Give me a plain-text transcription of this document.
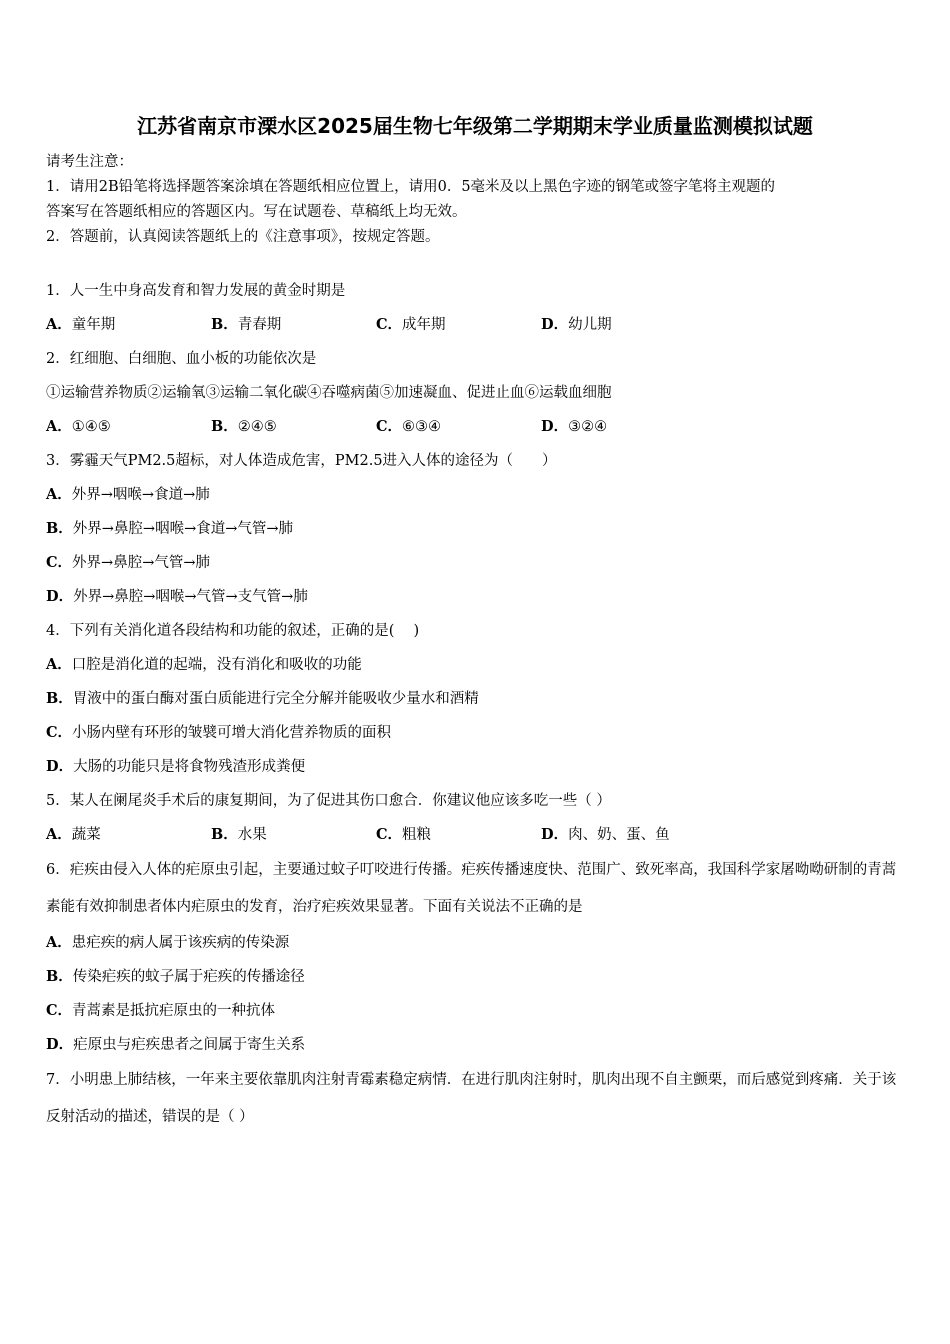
江苏省南京市溧水区2025届生物七年级第二学期期末学业质量监测模拟试题
请考生注意：
1．请用2B铅笔将选择题答案涂填在答题纸相应位置上，请用0．5毫米及以上黑色字迹的钢笔或签字笔将主观题的
答案写在答题纸相应的答题区内。写在试题卷、草稿纸上均无效。
2．答题前，认真阅读答题纸上的《注意事项》，按规定答题。
1．人一生中身高发育和智力发展的黄金时期是
A．童年期	B．青春期	C．成年期	D．幼儿期
2．红细胞、白细胞、血小板的功能依次是
①运输营养物质②运输氧③运输二氧化碳④吞噬病菌⑤加速凝血、促进止血⑥运载血细胞
A．①④⑤	B．②④⑤	C．⑥③④	D．③②④
3．雾霾天气PM2.5超标，对人体造成危害，PM2.5进入人体的途径为（　　）
A．外界→咽喉→食道→肺
B．外界→鼻腔→咽喉→食道→气管→肺
C．外界→鼻腔→气管→肺
D．外界→鼻腔→咽喉→气管→支气管→肺
4．下列有关消化道各段结构和功能的叙述，正确的是(　 )
A．口腔是消化道的起端，没有消化和吸收的功能
B．胃液中的蛋白酶对蛋白质能进行完全分解并能吸收少量水和酒精
C．小肠内壁有环形的皱襞可增大消化营养物质的面积
D．大肠的功能只是将食物残渣形成粪便
5．某人在阑尾炎手术后的康复期间，为了促进其伤口愈合．你建议他应该多吃一些（ ）
A．蔬菜	B．水果	C．粗粮	D．肉、奶、蛋、鱼
6．疟疾由侵入人体的疟原虫引起，主要通过蚊子叮咬进行传播。疟疾传播速度快、范围广、致死率高，我国科学家屠呦呦研制的青蒿素能有效抑制患者体内疟原虫的发育，治疗疟疾效果显著。下面有关说法不正确的是
A．患疟疾的病人属于该疾病的传染源
B．传染疟疾的蚊子属于疟疾的传播途径
C．青蒿素是抵抗疟原虫的一种抗体
D．疟原虫与疟疾患者之间属于寄生关系
7．小明患上肺结核，一年来主要依靠肌肉注射青霉素稳定病情．在进行肌肉注射时，肌肉出现不自主颤栗，而后感觉到疼痛．关于该反射活动的描述，错误的是（ ）
